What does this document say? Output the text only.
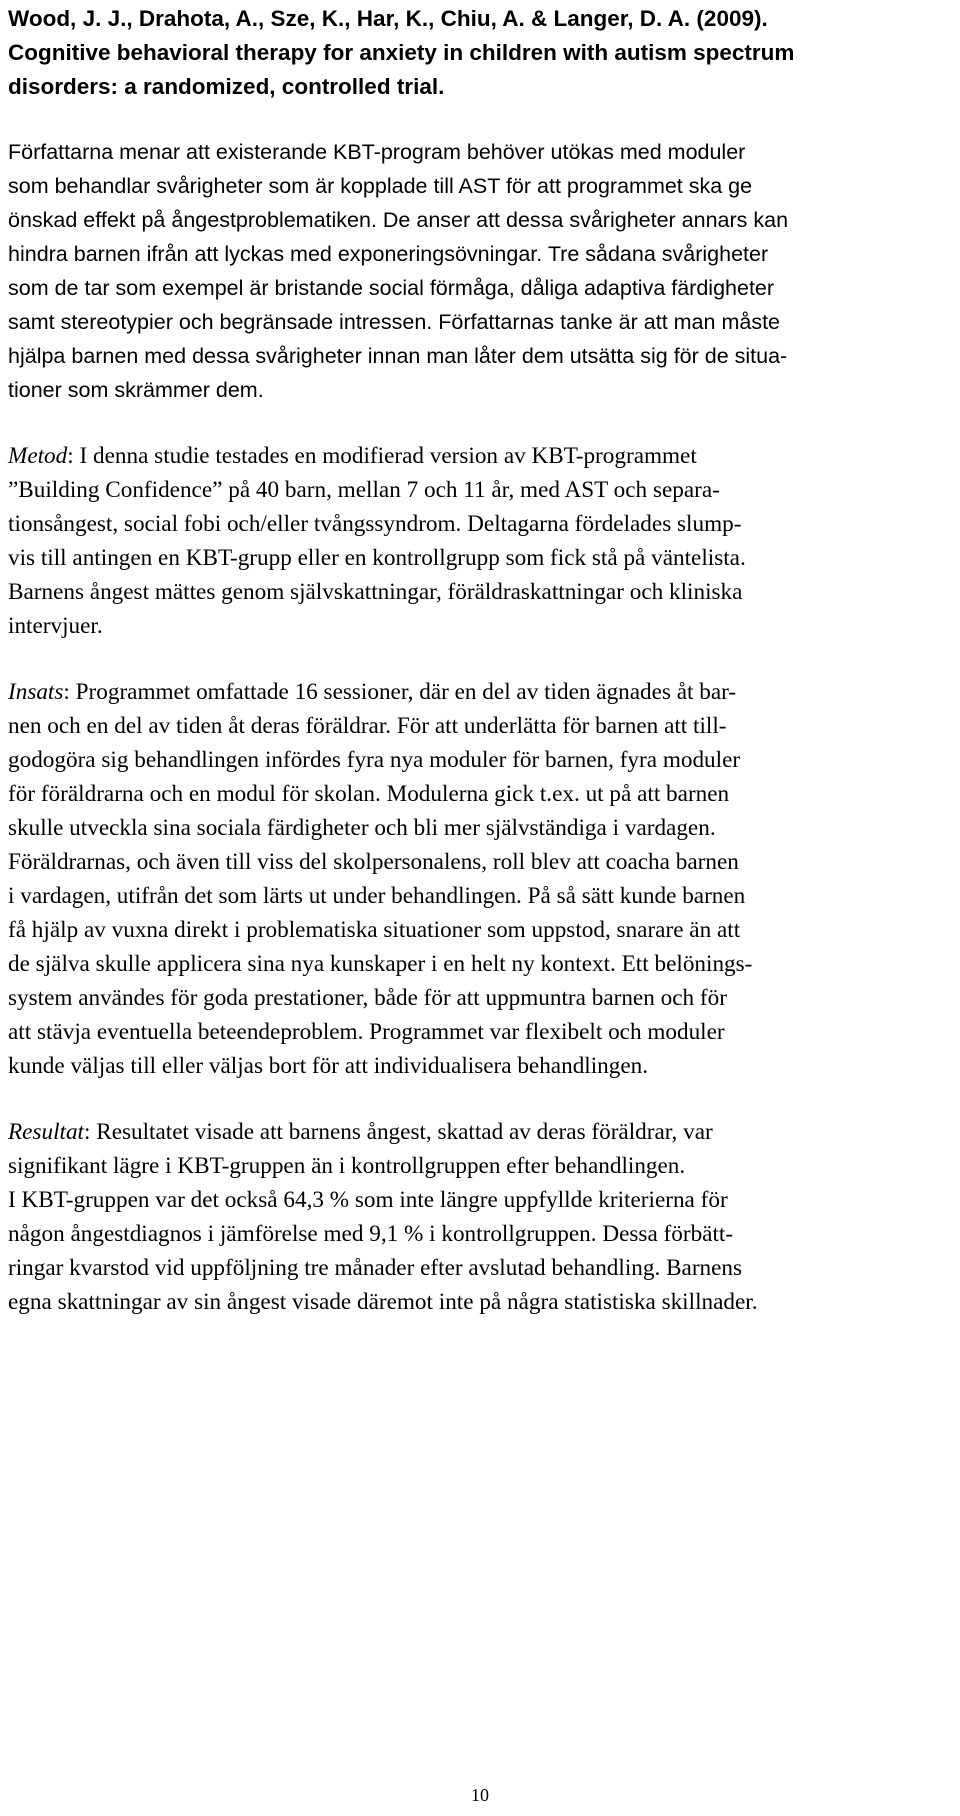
Wood, J. J., Drahota, A., Sze, K., Har, K., Chiu, A. & Langer, D. A. (2009).
Cognitive behavioral therapy for anxiety in children with autism spectrum
disorders: a randomized, controlled trial.
Författarna menar att existerande KBT-program behöver utökas med moduler
som behandlar svårigheter som är kopplade till AST för att programmet ska ge
önskad effekt på ångestproblematiken. De anser att dessa svårigheter annars kan
hindra barnen ifrån att lyckas med exponeringsövningar. Tre sådana svårigheter
som de tar som exempel är bristande social förmåga, dåliga adaptiva färdigheter
samt stereotypier och begränsade intressen. Författarnas tanke är att man måste
hjälpa barnen med dessa svårigheter innan man låter dem utsätta sig för de situa-
tioner som skrämmer dem.
Metod: I denna studie testades en modifierad version av KBT-programmet
”Building Confidence” på 40 barn, mellan 7 och 11 år, med AST och separa-
tionsångest, social fobi och/eller tvångssyndrom. Deltagarna fördelades slump-
vis till antingen en KBT-grupp eller en kontrollgrupp som fick stå på väntelista.
Barnens ångest mättes genom självskattningar, föräldraskattningar och kliniska
intervjuer.
Insats: Programmet omfattade 16 sessioner, där en del av tiden ägnades åt bar-
nen och en del av tiden åt deras föräldrar. För att underlätta för barnen att till-
godogöra sig behandlingen infördes fyra nya moduler för barnen, fyra moduler
för föräldrarna och en modul för skolan. Modulerna gick t.ex. ut på att barnen
skulle utveckla sina sociala färdigheter och bli mer självständiga i vardagen.
Föräldrarnas, och även till viss del skolpersonalens, roll blev att coacha barnen
i vardagen, utifrån det som lärts ut under behandlingen. På så sätt kunde barnen
få hjälp av vuxna direkt i problematiska situationer som uppstod, snarare än att
de själva skulle applicera sina nya kunskaper i en helt ny kontext. Ett belönings-
system användes för goda prestationer, både för att uppmuntra barnen och för
att stävja eventuella beteendeproblem. Programmet var flexibelt och moduler
kunde väljas till eller väljas bort för att individualisera behandlingen.
Resultat: Resultatet visade att barnens ångest, skattad av deras föräldrar, var
signifikant lägre i KBT-gruppen än i kontrollgruppen efter behandlingen.
I KBT-gruppen var det också 64,3 % som inte längre uppfyllde kriterierna för
någon ångestdiagnos i jämförelse med 9,1 % i kontrollgruppen. Dessa förbätt-
ringar kvarstod vid uppföljning tre månader efter avslutad behandling. Barnens
egna skattningar av sin ångest visade däremot inte på några statistiska skillnader.
10
